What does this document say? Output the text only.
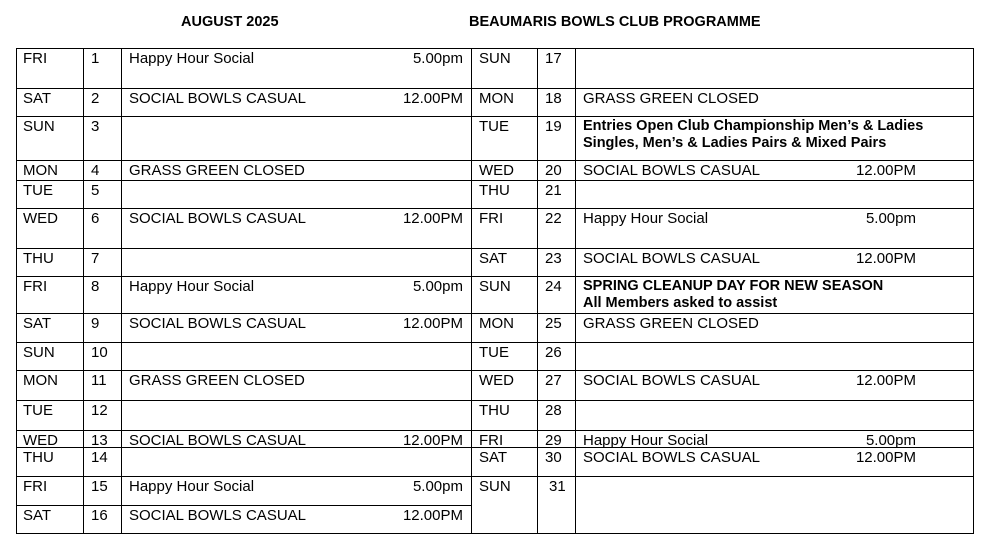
AUGUST 2025	BEAUMARIS BOWLS CLUB PROGRAMME
FRI	1 Happy Hour Social	5.00pm
SAT	2 SOCIAL BOWLS CASUAL	12.00PM
SUN 3
MON 4 GRASS GREEN CLOSED
TUE	5
WED 6 SOCIAL BOWLS CASUAL	12.00PM
THU 7
FRI	8 Happy Hour Social	5.00pm
SAT	9 SOCIAL BOWLS CASUAL	12.00PM
SUN 10
MON 11 GRASS GREEN CLOSED
TUE	12
WED 13 SOCIAL BOWLS CASUAL	12.00PM
THU 14
FRI	15 Happy Hour Social	5.00pm
SAT	16 SOCIAL BOWLS CASUAL	12.00PM
SUN 17
MON 18 GRASS GREEN CLOSED
TUE 19 Entries Open Club Championship Men’s & Ladies
Singles, Men’s & Ladies Pairs & Mixed Pairs
WED 20 SOCIAL BOWLS CASUAL	12.00PM
THU 21
FRI	22 Happy Hour Social	5.00pm
SAT	23 SOCIAL BOWLS CASUAL	12.00PM
SUN 24 SPRING CLEANUP DAY FOR NEW SEASON
All Members asked to assist
MON 25 GRASS GREEN CLOSED
TUE 26
WED 27 SOCIAL BOWLS CASUAL	12.00PM
THU 28
FRI	29 Happy Hour Social	5.00pm
SAT	30 SOCIAL BOWLS CASUAL	12.00PM
SUN	31
